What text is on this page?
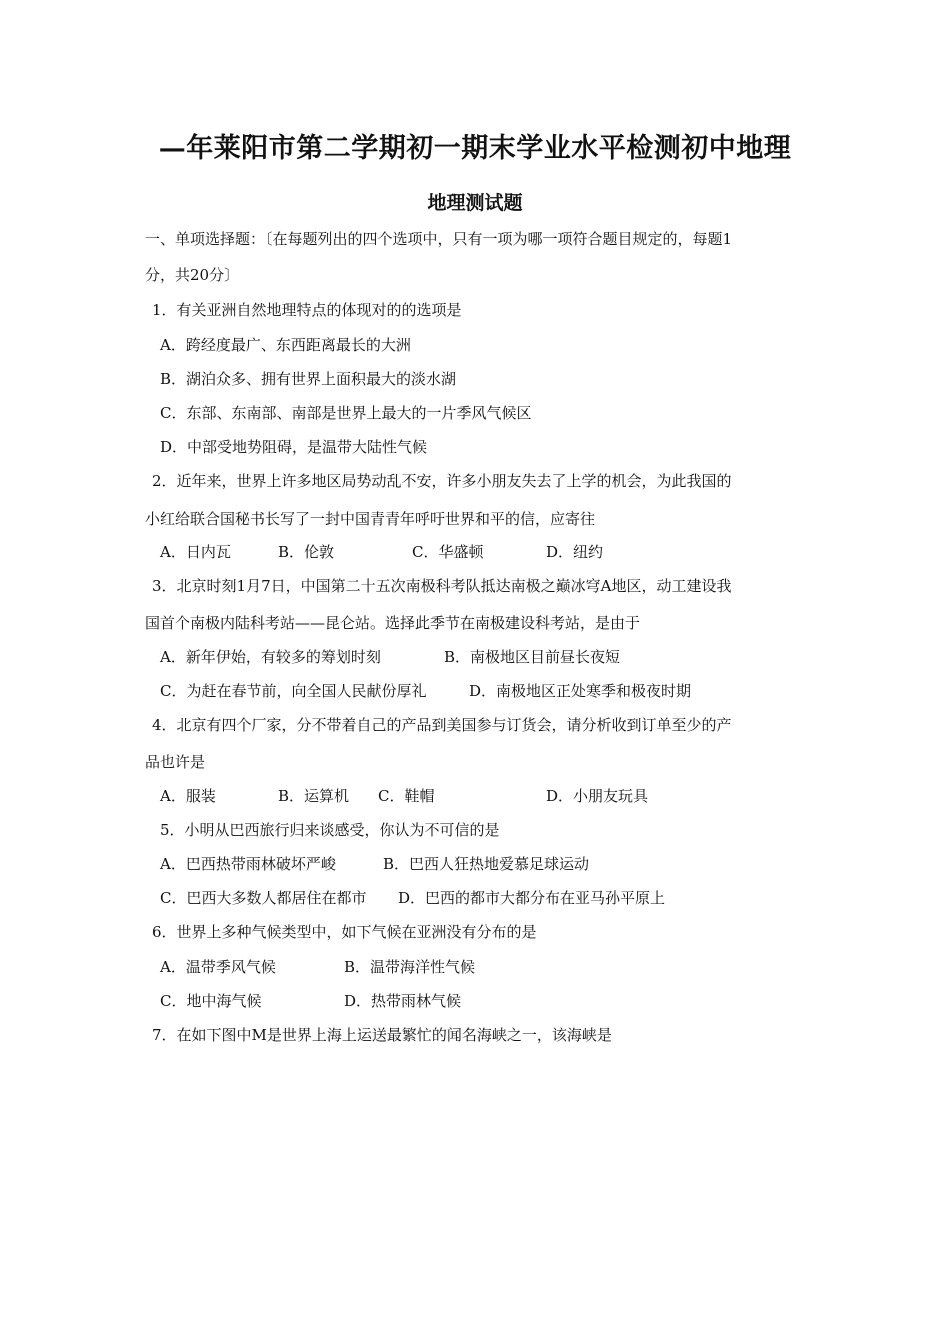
—年莱阳市第二学期初一期末学业水平检测初中地理
地理测试题
一、单项选择题：〔在每题列出的四个选项中，只有一项为哪一项符合题目规定的，每题1
分，共20分〕
1．有关亚洲自然地理特点的体现对的的选项是
A．跨经度最广、东西距离最长的大洲
B．湖泊众多、拥有世界上面积最大的淡水湖
C．东部、东南部、南部是世界上最大的一片季风气候区
D．中部受地势阻碍，是温带大陆性气候
2．近年来，世界上许多地区局势动乱不安，许多小朋友失去了上学的机会，为此我国的
小红给联合国秘书长写了一封中国青青年呼吁世界和平的信，应寄往
A．日内瓦	B．伦敦	C．华盛顿	D．纽约
3．北京时刻1月7日，中国第二十五次南极科考队抵达南极之巅冰穹A地区，动工建设我
国首个南极内陆科考站——昆仑站。选择此季节在南极建设科考站，是由于
A．新年伊始，有较多的筹划时刻	B．南极地区目前昼长夜短
C．为赶在春节前，向全国人民献份厚礼	D．南极地区正处寒季和极夜时期
4．北京有四个厂家，分不带着自己的产品到美国参与订货会，请分析收到订单至少的产
品也许是
A．服装	B．运算机 C．鞋帽	D．小朋友玩具
5．小明从巴西旅行归来谈感受，你认为不可信的是
A．巴西热带雨林破坏严峻	B．巴西人狂热地爱慕足球运动
C．巴西大多数人都居住在都市 D．巴西的都市大都分布在亚马孙平原上
6．世界上多种气候类型中，如下气候在亚洲没有分布的是
A．温带季风气候	B．温带海洋性气候
C．地中海气候	D．热带雨林气候
7．在如下图中M是世界上海上运送最繁忙的闻名海峡之一，该海峡是
